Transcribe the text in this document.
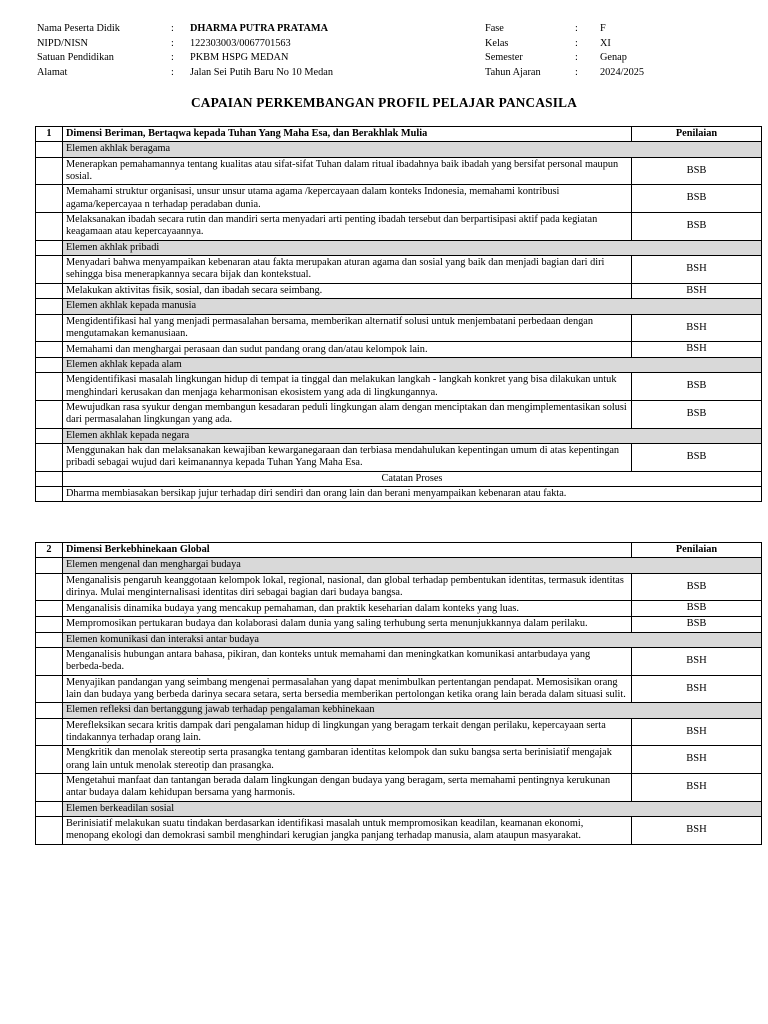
Nama Peserta Didik	: DHARMA PUTRA PRATAMA	Fase	: F
NIPD/NISN	: 122303003/0067701563	Kelas	: XI
Satuan Pendidikan	: PKBM HSPG MEDAN	Semester	: Genap
Alamat	: Jalan Sei Putih Baru No 10 Medan	Tahun Ajaran	: 2024/2025
CAPAIAN PERKEMBANGAN PROFIL PELAJAR PANCASILA
1	Dimensi Beriman, Bertaqwa kepada Tuhan Yang Maha Esa, dan Berakhlak Mulia	Penilaian
	Elemen akhlak beragama	
	Menerapkan pemahamannya tentang kualitas atau sifat-sifat Tuhan dalam ritual ibadahnya baik ibadah yang bersifat personal maupun sosial.	BSB
	Memahami struktur organisasi, unsur unsur utama agama /kepercayaan dalam konteks Indonesia, memahami kontribusi agama/kepercayaa n terhadap peradaban dunia.	BSB
	Melaksanakan ibadah secara rutin dan mandiri serta menyadari arti penting ibadah tersebut dan berpartisipasi aktif pada kegiatan keagamaan atau kepercayaannya.	BSB
	Elemen akhlak pribadi	
	Menyadari bahwa menyampaikan kebenaran atau fakta merupakan aturan agama dan sosial yang baik dan menjadi bagian dari diri sehingga bisa menerapkannya secara bijak dan kontekstual.	BSH
	Melakukan aktivitas fisik, sosial, dan ibadah secara seimbang.	BSH
	Elemen akhlak kepada manusia	
	Mengidentifikasi hal yang menjadi permasalahan bersama, memberikan alternatif solusi untuk menjembatani perbedaan dengan mengutamakan kemanusiaan.	BSH
	Memahami dan menghargai perasaan dan sudut pandang orang dan/atau kelompok lain.	BSH
	Elemen akhlak kepada alam	
	Mengidentifikasi masalah lingkungan hidup di tempat ia tinggal dan melakukan langkah - langkah konkret yang bisa dilakukan untuk menghindari kerusakan dan menjaga keharmonisan ekosistem yang ada di lingkungannya.	BSB
	Mewujudkan rasa syukur dengan membangun kesadaran peduli lingkungan alam dengan menciptakan dan mengimplementasikan solusi dari permasalahan lingkungan yang ada.	BSB
	Elemen akhlak kepada negara	
	Menggunakan hak dan melaksanakan kewajiban kewarganegaraan dan terbiasa mendahulukan kepentingan umum di atas kepentingan pribadi sebagai wujud dari keimanannya kepada Tuhan Yang Maha Esa.	BSB
	Catatan Proses	
	Dharma membiasakan bersikap jujur terhadap diri sendiri dan orang lain dan berani menyampaikan kebenaran atau fakta.	
2	Dimensi Berkebhinekaan Global	Penilaian
	Elemen mengenal dan menghargai budaya	
	Menganalisis pengaruh keanggotaan kelompok lokal, regional, nasional, dan global terhadap pembentukan identitas, termasuk identitas dirinya. Mulai menginternalisasi identitas diri sebagai bagian dari budaya bangsa.	BSB
	Menganalisis dinamika budaya yang mencakup pemahaman, dan praktik keseharian dalam konteks yang luas.	BSB
	Mempromosikan pertukaran budaya dan kolaborasi dalam dunia yang saling terhubung serta menunjukkannya dalam perilaku.	BSB
	Elemen komunikasi dan interaksi antar budaya	
	Menganalisis hubungan antara bahasa, pikiran, dan konteks untuk memahami dan meningkatkan komunikasi antarbudaya yang berbeda-beda.	BSH
	Menyajikan pandangan yang seimbang mengenai permasalahan yang dapat menimbulkan pertentangan pendapat. Memosisikan orang lain dan budaya yang berbeda darinya secara setara, serta bersedia memberikan pertolongan ketika orang lain berada dalam situasi sulit.	BSH
	Elemen refleksi dan bertanggung jawab terhadap pengalaman kebhinekaan	
	Merefleksikan secara kritis dampak dari pengalaman hidup di lingkungan yang beragam terkait dengan perilaku, kepercayaan serta tindakannya terhadap orang lain.	BSH
	Mengkritik dan menolak stereotip serta prasangka tentang gambaran identitas kelompok dan suku bangsa serta berinisiatif mengajak orang lain untuk menolak stereotip dan prasangka.	BSH
	Mengetahui manfaat dan tantangan berada dalam lingkungan dengan budaya yang beragam, serta memahami pentingnya kerukunan antar budaya dalam kehidupan bersama yang harmonis.	BSH
	Elemen berkeadilan sosial	
	Berinisiatif melakukan suatu tindakan berdasarkan identifikasi masalah untuk mempromosikan keadilan, keamanan ekonomi, menopang ekologi dan demokrasi sambil menghindari kerugian jangka panjang terhadap manusia, alam ataupun masyarakat.	BSH
